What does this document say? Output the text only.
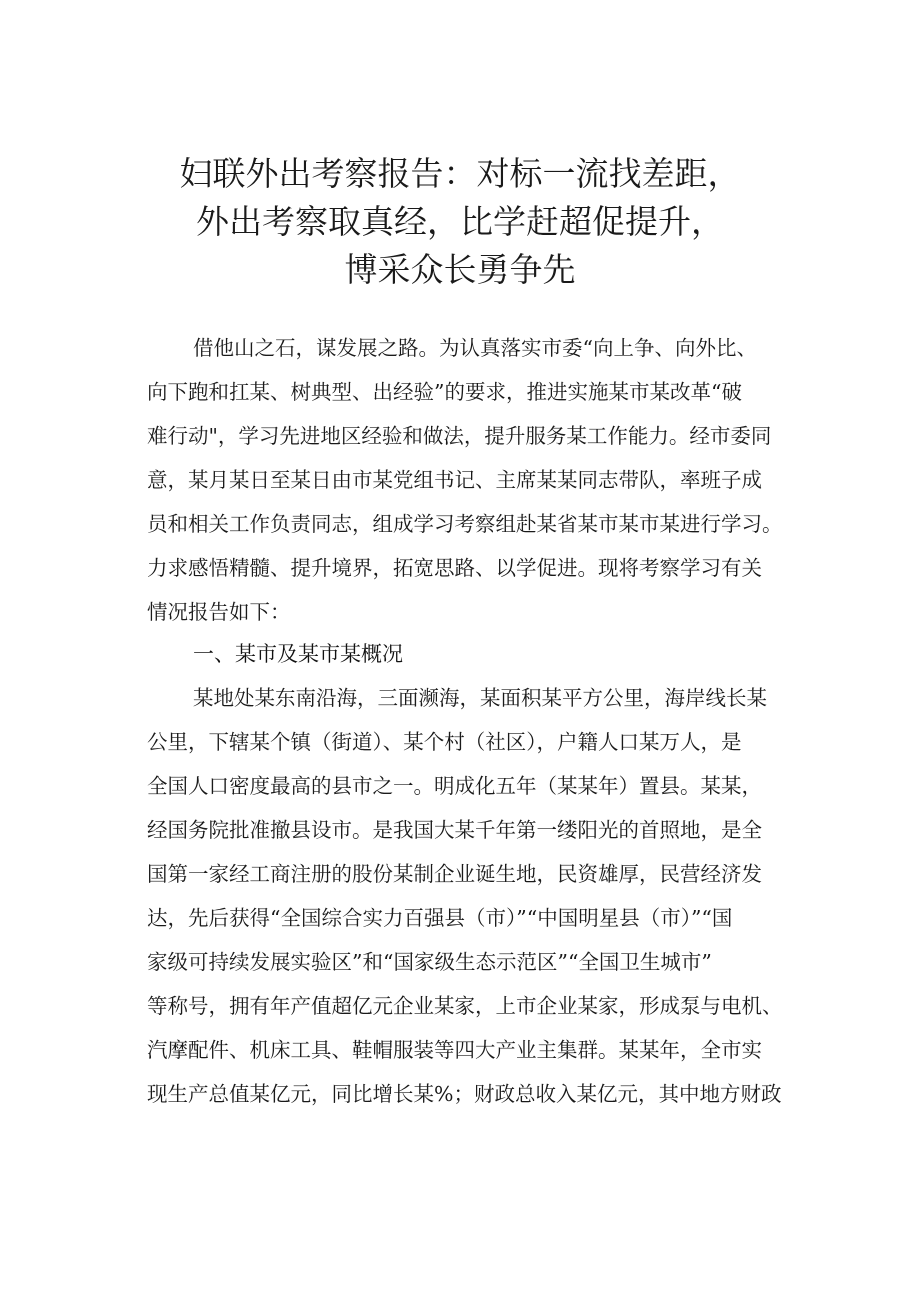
妇联外出考察报告：对标一流找差距，
外出考察取真经，比学赶超促提升，
博采众长勇争先
借他山之石，谋发展之路。为认真落实市委“向上争、向外比、
向下跑和扛某、树典型、出经验”的要求，推进实施某市某改革“破
难行动"，学习先进地区经验和做法，提升服务某工作能力。经市委同
意，某月某日至某日由市某党组书记、主席某某同志带队，率班子成
员和相关工作负责同志，组成学习考察组赴某省某市某市某进行学习。
力求感悟精髓、提升境界，拓宽思路、以学促进。现将考察学习有关
情况报告如下：
一、某市及某市某概况
某地处某东南沿海，三面濒海，某面积某平方公里，海岸线长某
公里，下辖某个镇（街道）、某个村（社区），户籍人口某万人，是
全国人口密度最高的县市之一。明成化五年（某某年）置县。某某，
经国务院批准撤县设市。是我国大某千年第一缕阳光的首照地，是全
国第一家经工商注册的股份某制企业诞生地，民资雄厚，民营经济发
达，先后获得“全国综合实力百强县（市）”“中国明星县（市）”“国
家级可持续发展实验区”和“国家级生态示范区”“全国卫生城市”
等称号，拥有年产值超亿元企业某家，上市企业某家，形成泵与电机、
汽摩配件、机床工具、鞋帽服装等四大产业主集群。某某年，全市实
现生产总值某亿元，同比增长某%；财政总收入某亿元，其中地方财政
